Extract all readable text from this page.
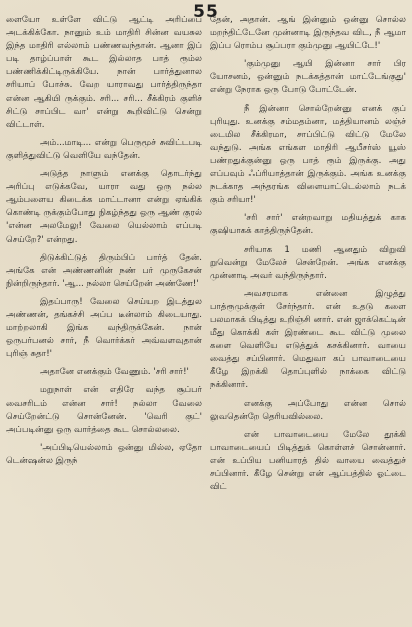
55

ளையோ உள்ளே விட்டு ஆட்டி அரிப்பை அடக்கிக்கோ. நானும் உம் மாதிரி சின்ன வயசுல இந்த மாதிரி எல்லாம் பண்ணவந்தான். ஆனா இப் படி தாழ்ப்பாள் கூட இல்லாத பாத் ரூம்ல பண்ணிக்கிட்டிருக்கியே. நான் பார்த்துனால சரியாப் போச்சு. வேற யாராவது பார்த்திருந்தா என்ன ஆகியி ருக்கும். சரி... சரி... சீக்கிரம் குளிச் சிட்டு சாப்பிட வா' என்று கூறிவிட்டு சென்று விட்டாள்.

அம்...மாடி... என்று பெருமூச் சுவிட்டபடி குளித்துவிட்டு வெளியே வந்தேன்.

அடுத்த நாளும் எனக்கு தொடர்ந்து அரிப்பு எடுக்கவே, யாரா வது ஒரு நல்ல ஆம்பளைய கிடைக்க மாட்டானா என்று ஏங்கிக் கொண்டி ருக்கும்போது நிகழ்ந்தது ஒரு ஆண் குரல் 'என்ன அலமேலு! வேலை யெல்லாம் எப்படி செய்றே?' என்றது.

திடுக்கிட்டுத் திரும்பிப் பார்த் தேன். அங்கே என் அண்ணனின் நண் பர் முருகேசன் நின்றிருந்தார். 'ஆ... நல்லா செய்றேன் அண்ணே!'

இதப்பாரு! வேலை செய்யற இடத்துல அண்ணன், தங்கச்சி அப்ப டீன்லாம் கிடையாது. மாற்றலாகி இங்க வந்திருக்கேன். நான் ஒருபர்பனல் சார், நீ வொர்க்கர் அவ்வளவுதான் புரிஞ் சுதா!'

அதானே எனக்கும் வேணும். 'சரி சார்!'

மறுநாள் என் எதிரே வந்த சூப்பர் வைசரிடம் என்ன சார்! நல்லா வேலை செய்றேன்ட்டு சொன்னேன். 'வெரி குட்' அப்படின்னு ஒரு வார்த்தை கூட சொல்லலை.

'அப்பிடியெல்லாம் ஒன்னு மில்ல, ஏதோ டென்ஷன்ல இருந்

தேன், அதான். ஆங் இன்னும் ஒன்னு சொல்ல மறந்திட்டேனே முன்னாடி இருந்தவ விட, நீ ஆமா இப்ப ரொம்ப சூப்பரா கும்முனு ஆயிட்டே!'

'கும்முனு ஆயி இன்னா சார் பிர யோசனம், ஒன்னும் நடக்கத்தான் மாட்டேங்குது' என்று நேராக ஒரு போடு போட்டேன்.

நீ இன்னா சொல்றேன்னு எனக் குப் புரியுது. உனக்கு சம்மதம்னா, மத்தியானம் லஞ்ச் டைமில சீக்கிரமா, சாப்பிட்டு விட்டு மேலே வந்துடு. அங்க எங்கள மாதிரி ஆபீசர்ஸ் யூஸ் பண்றதுக்குன்னு ஒரு பாத் ரூம் இருக்கு. அது எப்பவும் ஃப்ரியாத்தான் இருக்கும். அங்க உனக்கு நடக்காத அந்தரங்க விளையாட்டெல்லாம் நடக் கும் சரியா!'

'சரி சார்' என்றவாறு மதியத்துக் காக குஷியாகக் காத்திருந்தேன்.

சரியாக 1 மணி ஆனதும் விறுவி றுவென்று மேலேச் சென்றேன். அங்க எனக்கு முன்னாடி அவர் வந்திருந்தார்.

அவசரமாக என்னை இழுத்து பாத்ரூமுக்குள் சேர்ந்தார். என் உதடு களை பலமாகக் பிடித்து உறிஞ்சி னார். என் ஜாக்கெட்டின் மீது கொக்கி கள் இரண்டை கூட விட்டு முலை களை வெளியே எடுத்துக் கசக்கினார். வாயை வைத்து சப்பினார். மெதுவா கப் பாவாடையை கீழே இறக்கி தொப்புளில் நாக்கை விட்டு நக்கினார்.

எனக்கு அப்போது என்ன சொல் லுவதென்றே தெரியவில்லை.

என் பாவாடையை மேலே தூக்கி பாவாடையைப் பிடித்துக் கொள்ளச் சொன்னார். என் உப்பிய பனியாரத் தில் வாயை வைத்துச் சப்பினார். கீழே சென்று என் ஆப்பத்தில் ஓட்டை விட்
